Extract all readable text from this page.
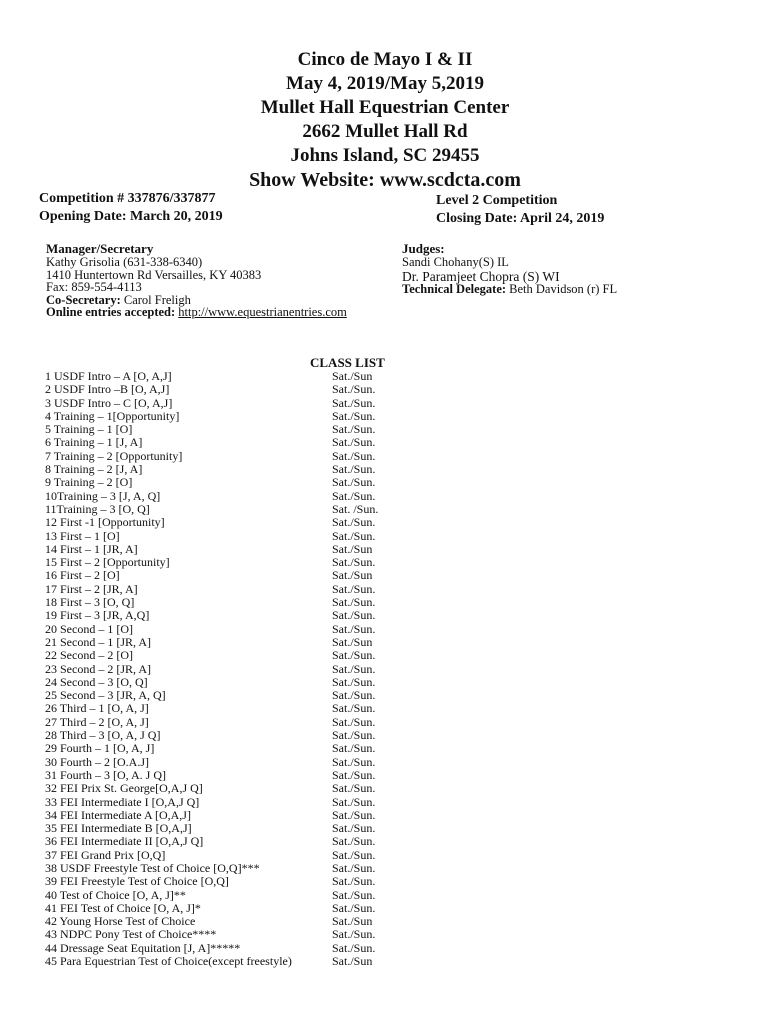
Cinco de Mayo I & II
May 4, 2019/May 5,2019
Mullet Hall Equestrian Center
2662 Mullet Hall Rd
Johns Island, SC 29455
Show Website: www.scdcta.com
Competition # 337876/337877
Opening Date: March 20, 2019
Level 2 Competition
Closing Date: April 24, 2019
Manager/Secretary
Kathy Grisolia (631-338-6340)
1410 Huntertown Rd Versailles, KY 40383
Fax: 859-554-4113
Co-Secretary: Carol Freligh
Online entries accepted: http://www.equestrianentries.com
Judges:
Sandi Chohany(S) IL
Dr. Paramjeet Chopra (S) WI
Technical Delegate: Beth Davidson (r) FL
CLASS LIST
1 USDF Intro – A [O, A,J]	Sat./Sun
2 USDF Intro –B [O, A,J]	Sat./Sun.
3 USDF Intro – C [O, A,J]	Sat./Sun.
4 Training – 1[Opportunity]	Sat./Sun.
5 Training – 1 [O]	Sat./Sun.
6 Training – 1 [J, A]	Sat./Sun.
7 Training – 2 [Opportunity]	Sat./Sun.
8 Training – 2 [J, A]	Sat./Sun.
9 Training – 2 [O]	Sat./Sun.
10Training – 3 [J, A, Q]	Sat./Sun.
11Training – 3 [O, Q]	Sat. /Sun.
12 First -1 [Opportunity]	Sat./Sun.
13 First – 1 [O]	Sat./Sun.
14 First – 1 [JR, A]	Sat./Sun
15 First – 2 [Opportunity]	Sat./Sun.
16 First – 2 [O]	Sat./Sun
17 First – 2 [JR, A]	Sat./Sun.
18 First – 3 [O, Q]	Sat./Sun.
19 First – 3 [JR, A,Q]	Sat./Sun.
20 Second – 1 [O]	Sat./Sun.
21 Second – 1 [JR, A]	Sat./Sun
22 Second – 2 [O]	Sat./Sun.
23 Second – 2 [JR, A]	Sat./Sun.
24 Second – 3 [O, Q]	Sat./Sun.
25 Second – 3 [JR, A, Q]	Sat./Sun.
26 Third – 1 [O, A, J]	Sat./Sun.
27 Third – 2 [O, A, J]	Sat./Sun.
28 Third – 3 [O, A, J Q]	Sat./Sun.
29 Fourth – 1 [O, A, J]	Sat./Sun.
30 Fourth – 2 [O.A.J]	Sat./Sun.
31 Fourth – 3 [O, A. J Q]	Sat./Sun.
32 FEI Prix St. George[O,A,J Q]	Sat./Sun.
33 FEI Intermediate I [O,A,J Q]	Sat./Sun.
34 FEI Intermediate A [O,A,J]	Sat./Sun.
35 FEI Intermediate B [O,A,J]	Sat./Sun.
36 FEI Intermediate II [O,A,J Q]	Sat./Sun.
37 FEI Grand Prix [O,Q]	Sat./Sun.
38 USDF Freestyle Test of Choice [O,Q]***	Sat./Sun.
39 FEI Freestyle Test of Choice [O,Q]	Sat./Sun.
40 Test of Choice [O, A, J]**	Sat./Sun.
41 FEI Test of Choice [O, A, J]*	Sat./Sun.
42 Young Horse Test of Choice	Sat./Sun
43 NDPC Pony Test of Choice****	Sat./Sun.
44 Dressage Seat Equitation [J, A]*****	Sat./Sun.
45 Para Equestrian Test of Choice(except freestyle)	Sat./Sun
